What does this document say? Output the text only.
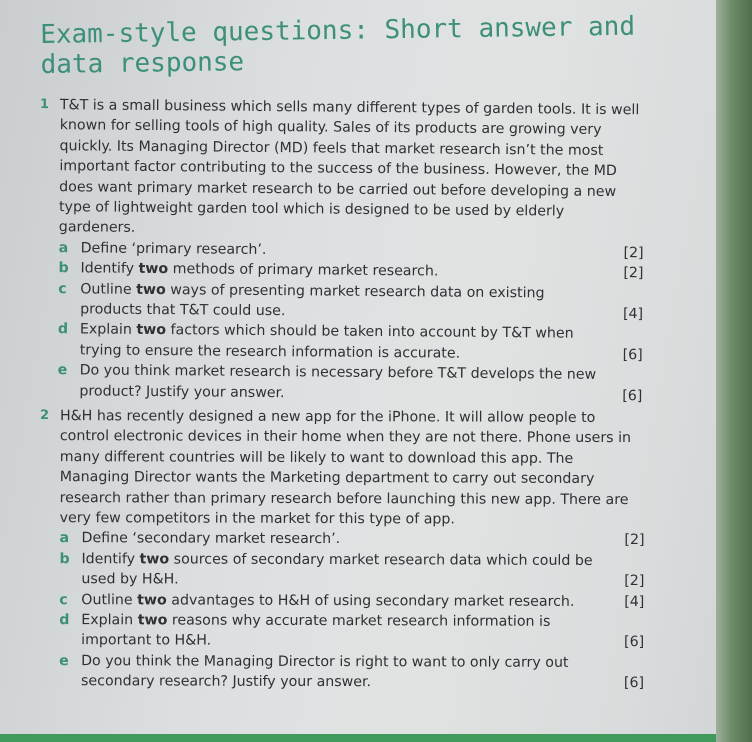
Exam-style questions: Short answer and data response
1 T&T is a small business which sells many different types of garden tools. It is well known for selling tools of high quality. Sales of its products are growing very quickly. Its Managing Director (MD) feels that market research isn’t the most important factor contributing to the success of the business. However, the MD does want primary market research to be carried out before developing a new type of lightweight garden tool which is designed to be used by elderly gardeners.
a Define ‘primary research’.	[2]
b Identify two methods of primary market research.	[2]
c Outline two ways of presenting market research data on existing products that T&T could use.	[4]
d Explain two factors which should be taken into account by T&T when trying to ensure the research information is accurate.	[6]
e Do you think market research is necessary before T&T develops the new product? Justify your answer.	[6]
2 H&H has recently designed a new app for the iPhone. It will allow people to control electronic devices in their home when they are not there. Phone users in many different countries will be likely to want to download this app. The Managing Director wants the Marketing department to carry out secondary research rather than primary research before launching this new app. There are very few competitors in the market for this type of app.
a Define ‘secondary market research’.	[2]
b Identify two sources of secondary market research data which could be used by H&H.	[2]
c Outline two advantages to H&H of using secondary market research.	[4]
d Explain two reasons why accurate market research information is important to H&H.	[6]
e Do you think the Managing Director is right to want to only carry out secondary research? Justify your answer.	[6]
